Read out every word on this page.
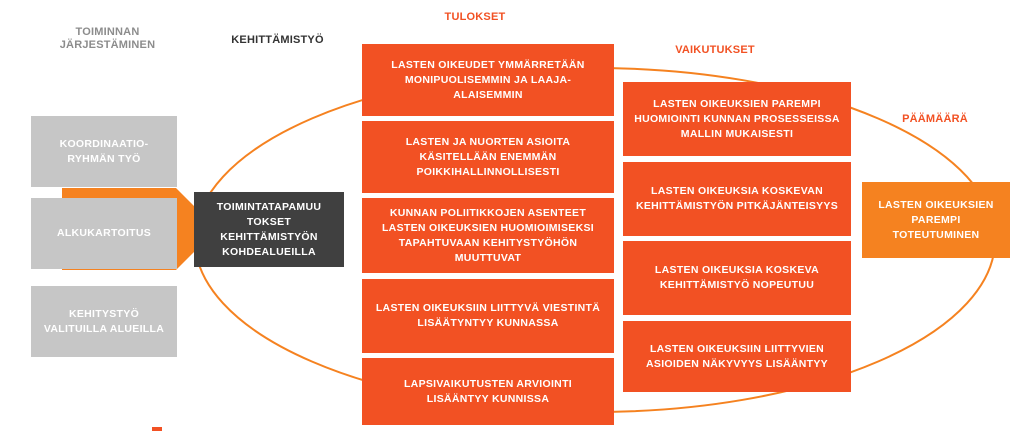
TOIMINNAN JÄRJESTÄMINEN	KEHITTÄMISTYÖ
TULOKSET
VAIKUTUKSET
PÄÄMÄÄRÄ
KOORDINAATIO-RYHMÄN TYÖ
ALKUKARTOITUS
KEHITYSTYÖ VALITUILLA ALUEILLA
TOIMINTATAPAMUU TOKSET KEHITTÄMISTYÖN KOHDEALUEILLA
LASTEN OIKEUDET YMMÄRRETÄÄN MONIPUOLISEMMIN JA LAAJA-ALAISEMMIN
LASTEN JA NUORTEN ASIOITA KÄSITELLÄÄN ENEMMÄN POIKKIHALLINNOLLISESTI
KUNNAN POLIITIKKOJEN ASENTEET LASTEN OIKEUKSIEN HUOMIOIMISEKSI TAPAHTUVAAN KEHITYSTYÖHÖN MUUTTUVAT
LASTEN OIKEUKSIIN LIITTYVÄ VIESTINTÄ LISÄÄTYNTYY KUNNASSA
LAPSIVAIKUTUSTEN ARVIOINTI LISÄÄNTYY KUNNISSA
LASTEN OIKEUKSIEN PAREMPI HUOMIOINTI KUNNAN PROSESSEISSA MALLIN MUKAISESTI
LASTEN OIKEUKSIA KOSKEVAN KEHITTÄMISTYÖN PITKÄJÄNTEISYYS
LASTEN OIKEUKSIA KOSKEVA KEHITTÄMISTYÖ NOPEUTUU
LASTEN OIKEUKSIIN LIITTYVIEN ASIOIDEN NÄKYVYYS LISÄÄNTYY
LASTEN OIKEUKSIEN PAREMPI TOTEUTUMINEN
